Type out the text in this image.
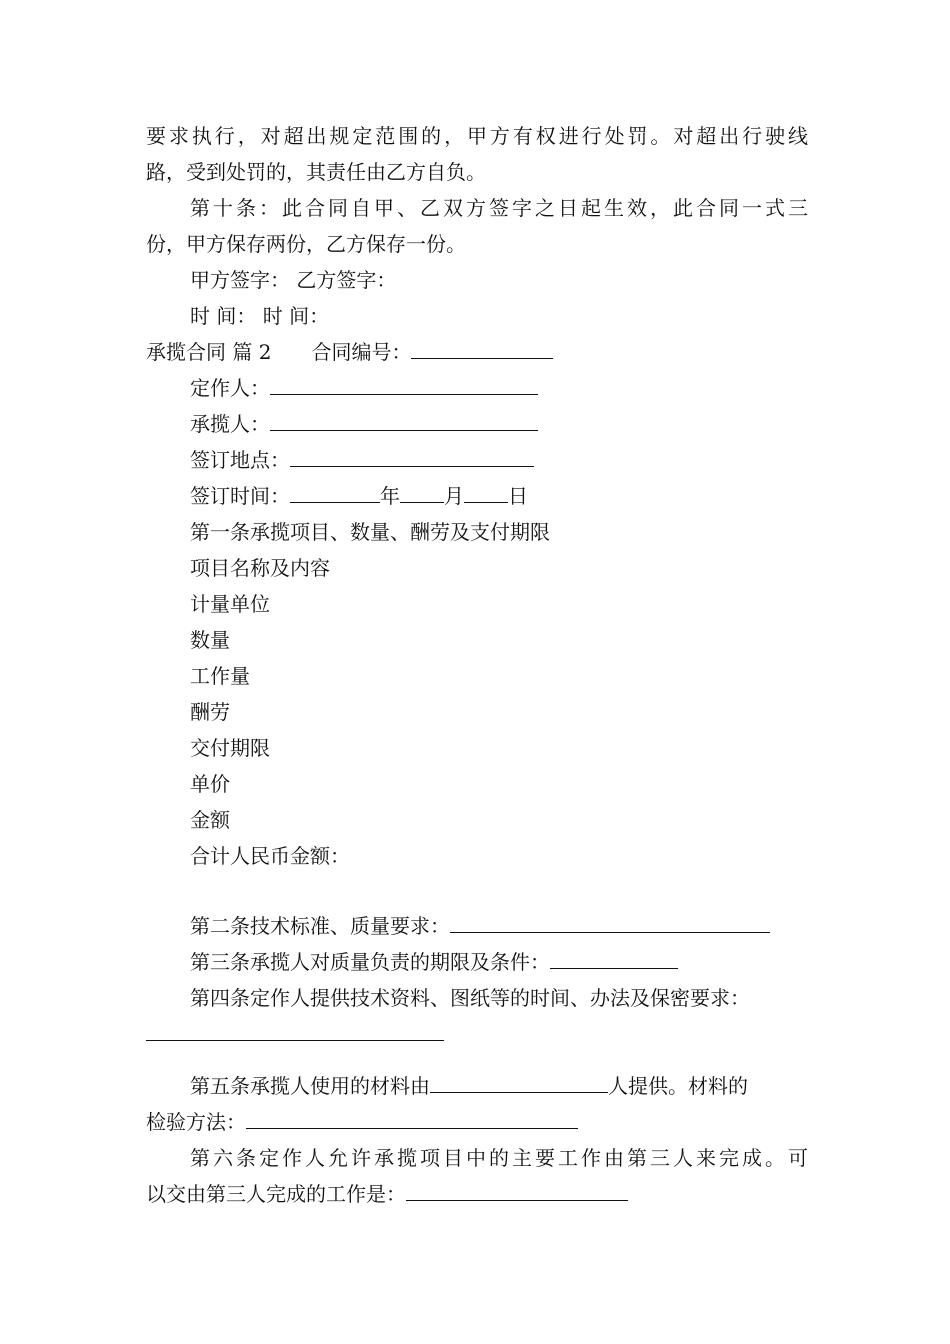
要求执行，对超出规定范围的，甲方有权进行处罚。对超出行驶线
路，受到处罚的，其责任由乙方自负。
第十条：此合同自甲、乙双方签字之日起生效，此合同一式三
份，甲方保存两份，乙方保存一份。
甲方签字： 乙方签字：
时 间： 时 间：
承揽合同 篇 2 合同编号：
定作人：
承揽人：
签订地点：
签订时间：	年 月 日
第一条承揽项目、数量、酬劳及支付期限
项目名称及内容
计量单位
数量
工作量
酬劳
交付期限
单价
金额
合计人民币金额：
第二条技术标准、质量要求：
第三条承揽人对质量负责的期限及条件：
第四条定作人提供技术资料、图纸等的时间、办法及保密要求：
第五条承揽人使用的材料由	人提供。材料的
检验方法：
第六条定作人允许承揽项目中的主要工作由第三人来完成。可
以交由第三人完成的工作是：
